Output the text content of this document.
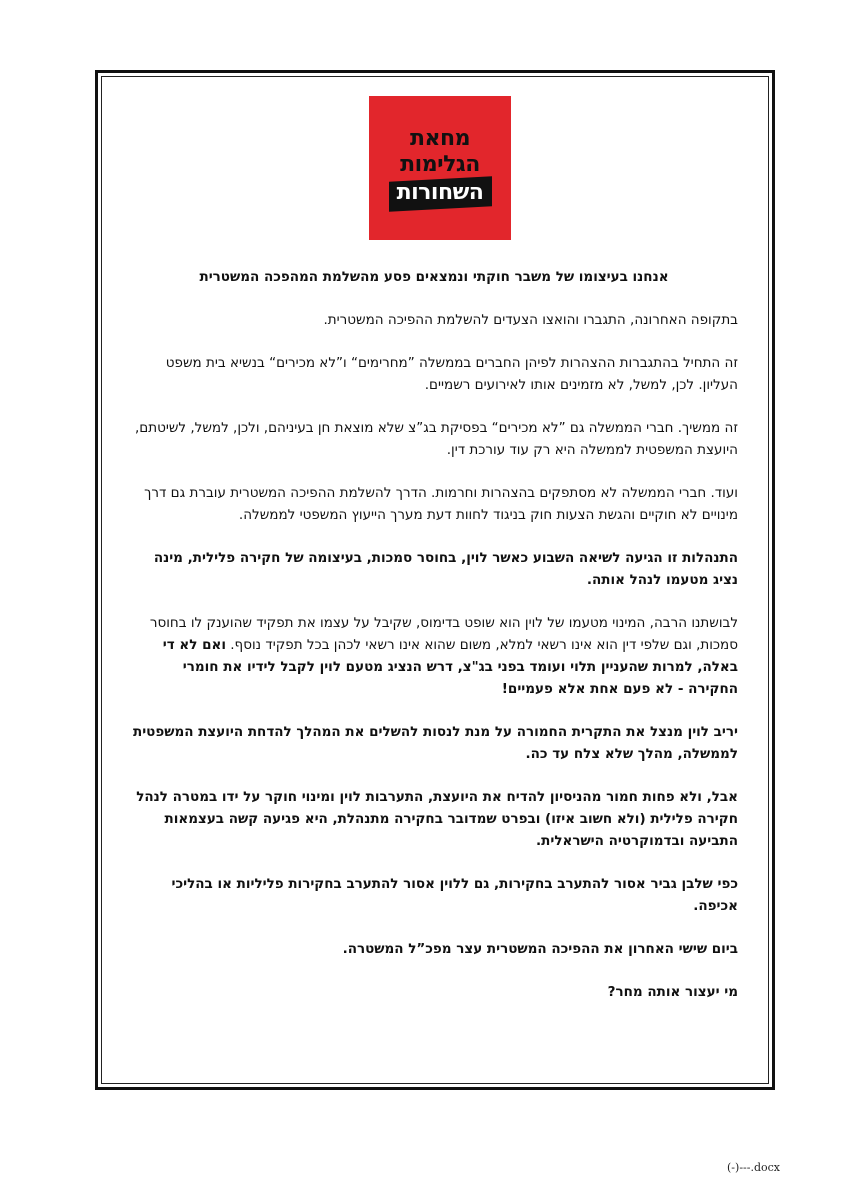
מחאת
הגלימות
השחורות
אנחנו בעיצומו של משבר חוקתי ונמצאים פסע מהשלמת המהפכה המשטרית
בתקופה האחרונה, התגברו והואצו הצעדים להשלמת ההפיכה המשטרית.
זה התחיל בהתגברות ההצהרות לפיהן החברים בממשלה ”מחרימים“ ו”לא מכירים“ בנשיא בית משפט העליון. לכן, למשל, לא מזמינים אותו לאירועים רשמיים.
זה ממשיך. חברי הממשלה גם ”לא מכירים“ בפסיקת בג”צ שלא מוצאת חן בעיניהם, ולכן, למשל, לשיטתם, היועצת המשפטית לממשלה היא רק עוד עורכת דין.
ועוד. חברי הממשלה לא מסתפקים בהצהרות וחרמות. הדרך להשלמת ההפיכה המשטרית עוברת גם דרך מינויים לא חוקיים והגשת הצעות חוק בניגוד לחוות דעת מערך הייעוץ המשפטי לממשלה.
התנהלות זו הגיעה לשיאה השבוע כאשר לוין, בחוסר סמכות, בעיצומה של חקירה פלילית, מינה נציג מטעמו לנהל אותה.
לבושתנו הרבה, המינוי מטעמו של לוין הוא שופט בדימוס, שקיבל על עצמו את תפקיד שהוענק לו בחוסר סמכות, וגם שלפי דין הוא אינו רשאי למלא, משום שהוא אינו רשאי לכהן בכל תפקיד נוסף. ואם לא די באלה, למרות שהעניין תלוי ועומד בפני בג"צ, דרש הנציג מטעם לוין לקבל לידיו את חומרי החקירה - לא פעם אחת אלא פעמיים!
יריב לוין מנצל את התקרית החמורה על מנת לנסות להשלים את המהלך להדחת היועצת המשפטית לממשלה, מהלך שלא צלח עד כה.
אבל, ולא פחות חמור מהניסיון להדיח את היועצת, התערבות לוין ומינוי חוקר על ידו במטרה לנהל חקירה פלילית (ולא חשוב איזו) ובפרט שמדובר בחקירה מתנהלת, היא פגיעה קשה בעצמאות התביעה ובדמוקרטיה הישראלית.
כפי שלבן גביר אסור להתערב בחקירות, גם ללוין אסור להתערב בחקירות פליליות או בהליכי אכיפה.
ביום שישי האחרון את ההפיכה המשטרית עצר מפכ”ל המשטרה.
מי יעצור אותה מחר?
(-)---.docx
